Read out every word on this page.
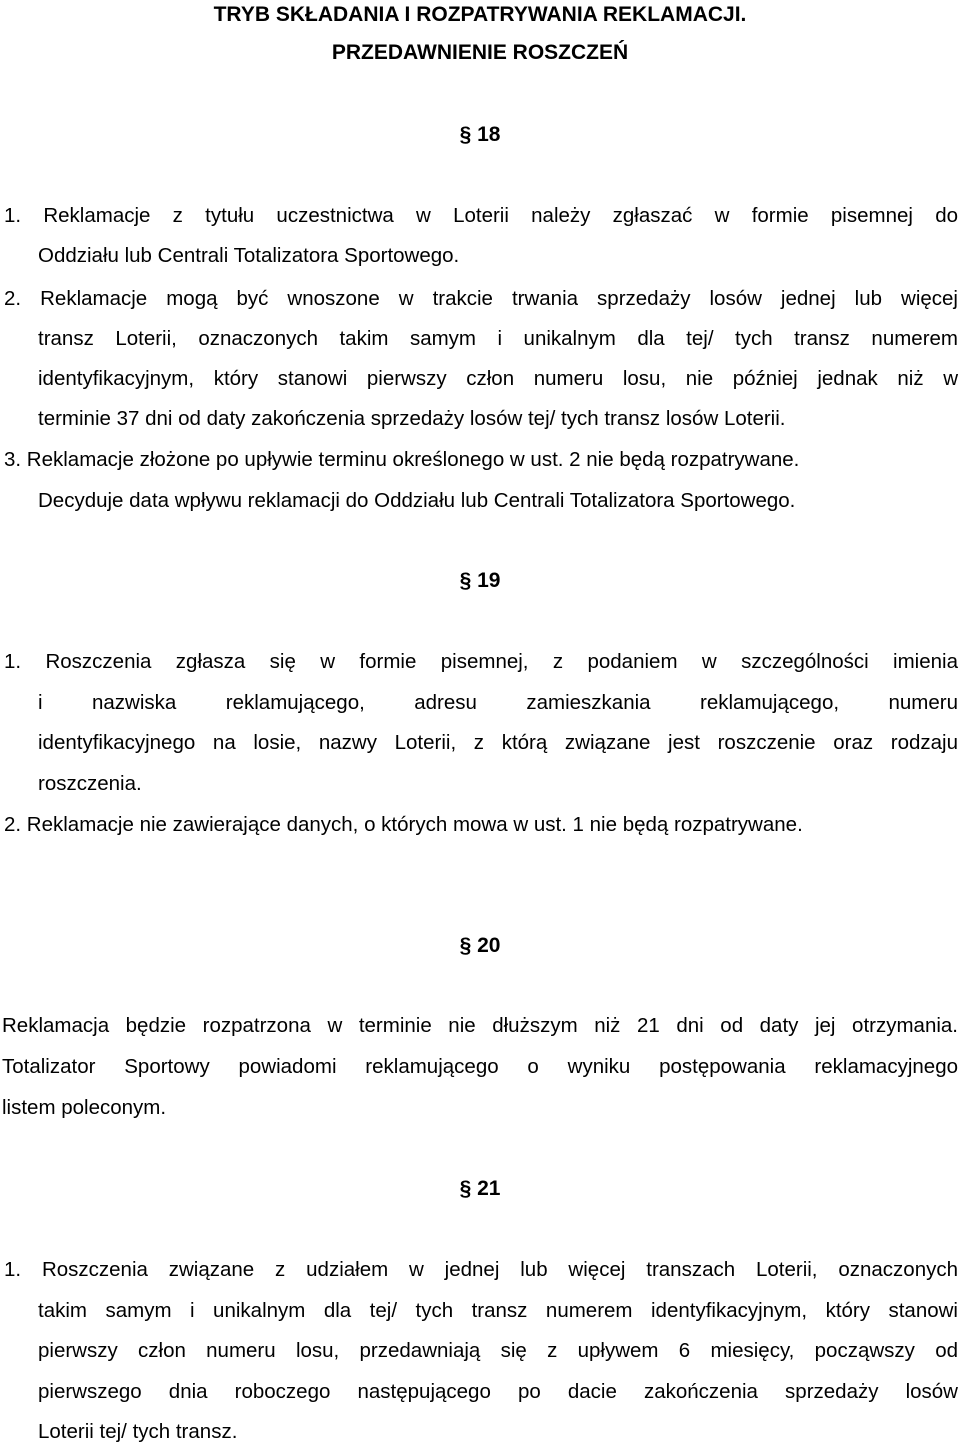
TRYB SKŁADANIA I ROZPATRYWANIA REKLAMACJI.
PRZEDAWNIENIE ROSZCZEŃ
§ 18
1. Reklamacje z tytułu uczestnictwa w Loterii należy zgłaszać w formie pisemnej do
Oddziału lub Centrali Totalizatora Sportowego.
2. Reklamacje mogą być wnoszone w trakcie trwania sprzedaży losów jednej lub więcej
transz Loterii, oznaczonych takim samym i unikalnym dla tej/ tych transz numerem
identyfikacyjnym, który stanowi pierwszy człon numeru losu, nie później jednak niż w
terminie 37 dni od daty zakończenia sprzedaży losów tej/ tych transz losów Loterii.
3. Reklamacje złożone po upływie terminu określonego w ust. 2 nie będą rozpatrywane.
Decyduje data wpływu reklamacji do Oddziału lub Centrali Totalizatora Sportowego.
§ 19
1. Roszczenia zgłasza się w formie pisemnej, z podaniem w szczególności imienia
i nazwiska reklamującego, adresu zamieszkania reklamującego, numeru
identyfikacyjnego na losie, nazwy Loterii, z którą związane jest roszczenie oraz rodzaju
roszczenia.
2. Reklamacje nie zawierające danych, o których mowa w ust. 1 nie będą rozpatrywane.
§ 20
Reklamacja będzie rozpatrzona w terminie nie dłuższym niż 21 dni od daty jej otrzymania.
Totalizator Sportowy powiadomi reklamującego o wyniku postępowania reklamacyjnego
listem poleconym.
§ 21
1. Roszczenia związane z udziałem w jednej lub więcej transzach Loterii, oznaczonych
takim samym i unikalnym dla tej/ tych transz numerem identyfikacyjnym, który stanowi
pierwszy człon numeru losu, przedawniają się z upływem 6 miesięcy, począwszy od
pierwszego dnia roboczego następującego po dacie zakończenia sprzedaży losów
Loterii tej/ tych transz.
